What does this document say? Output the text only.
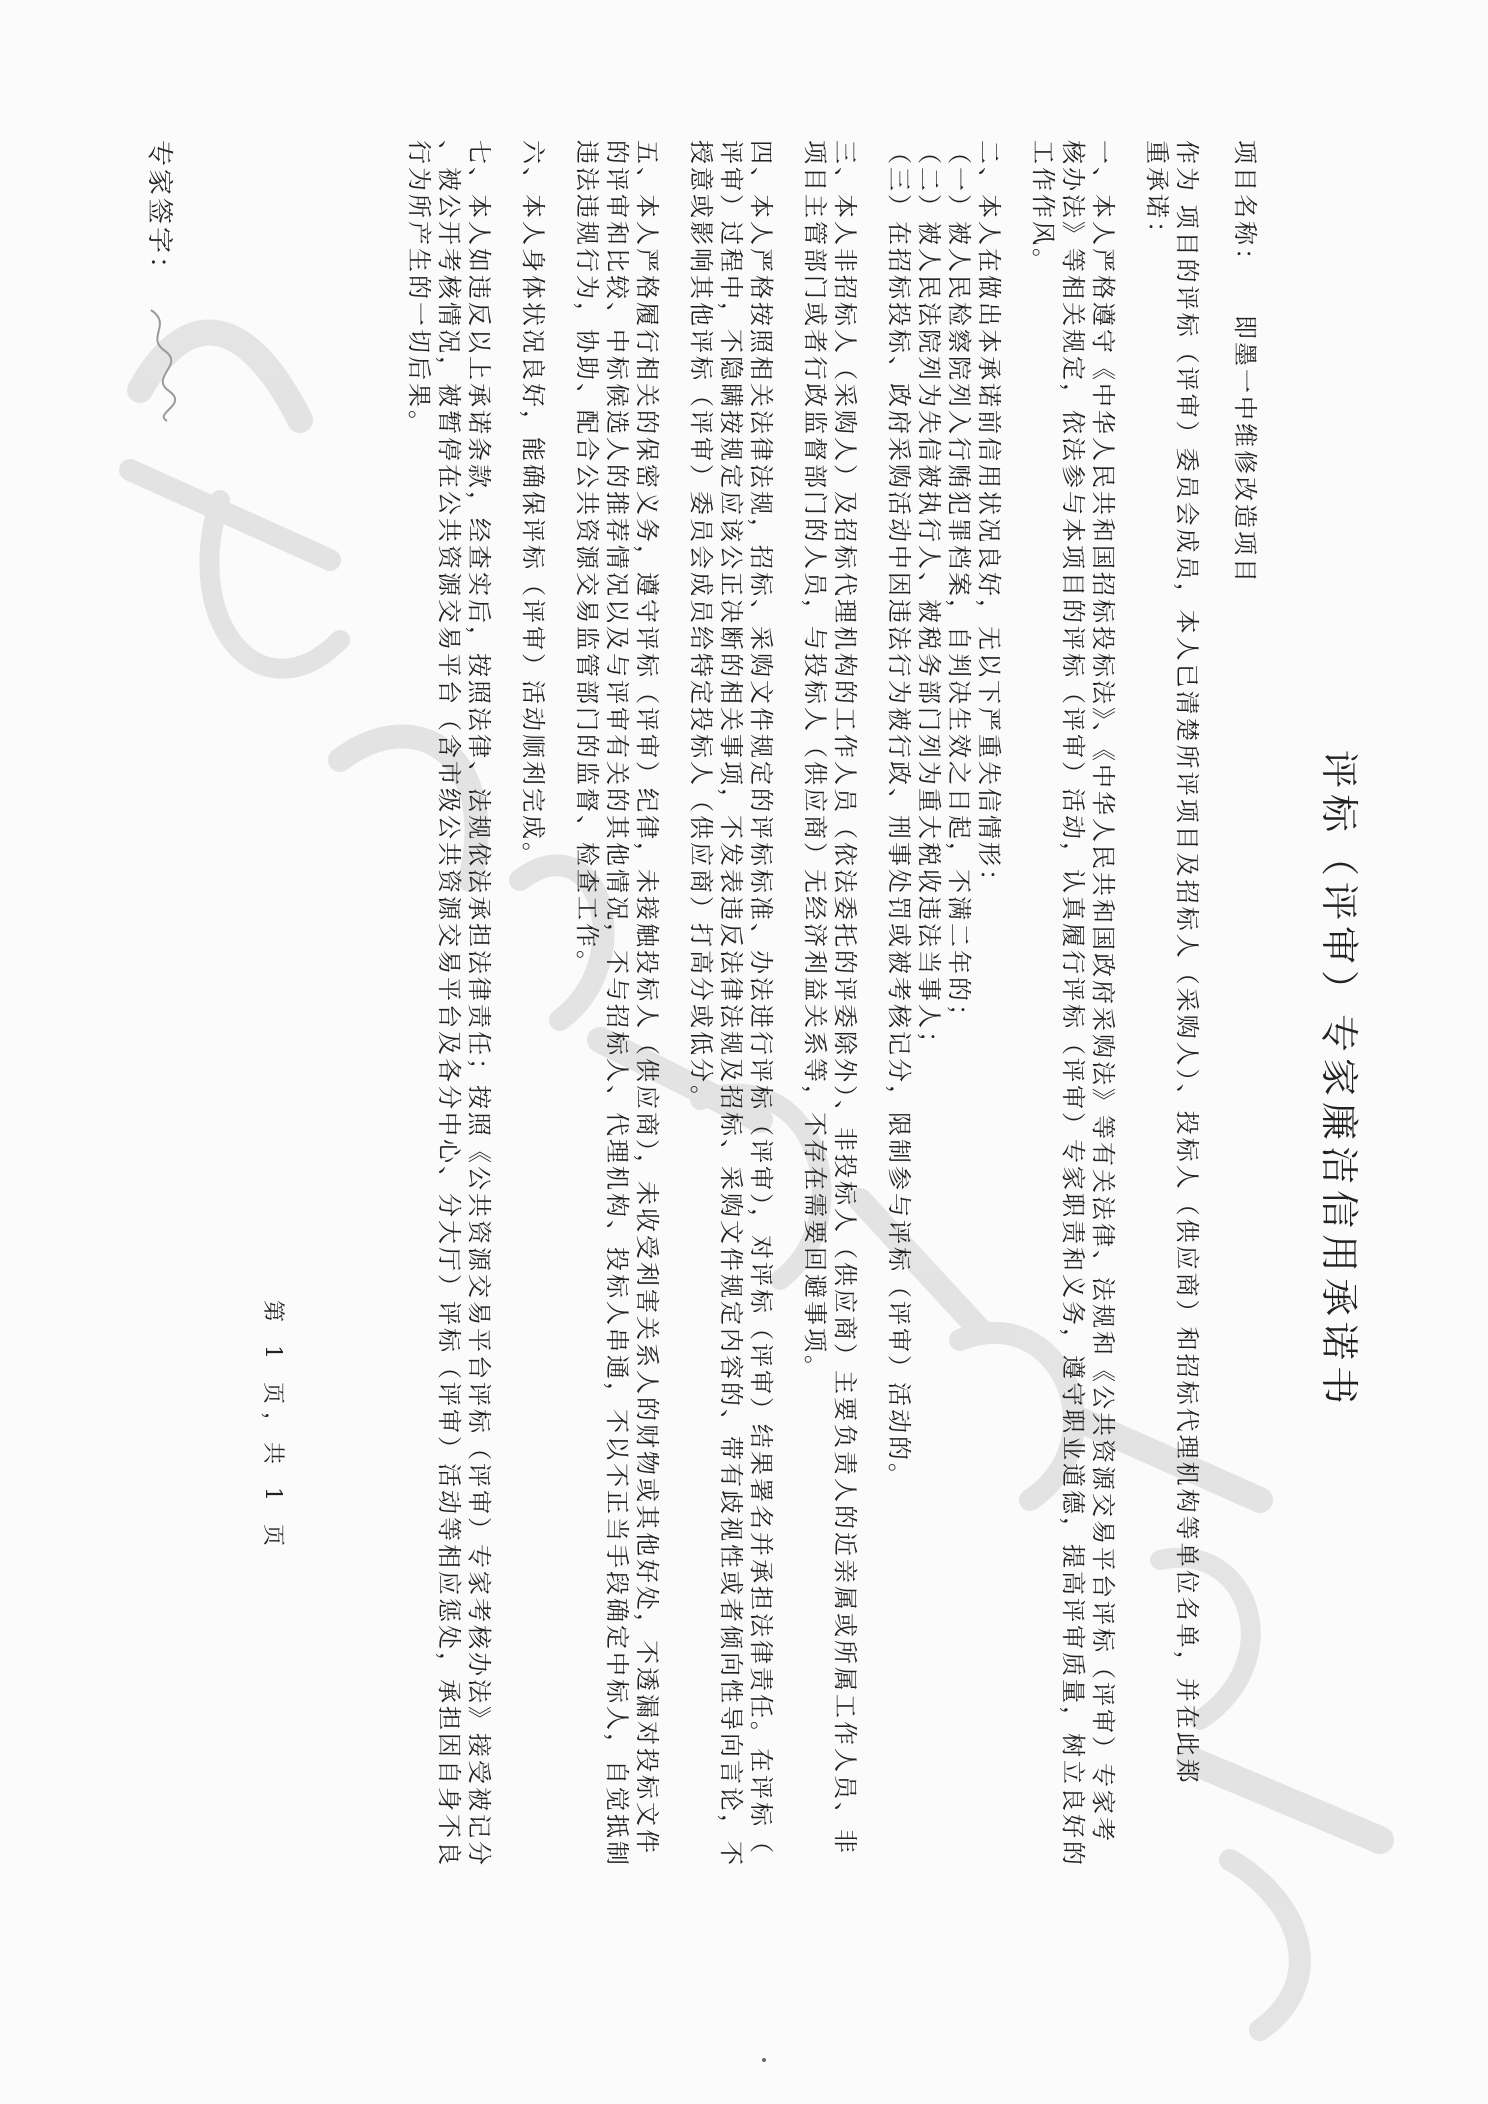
评标（评审）专家廉洁信用承诺书
项目名称：
即墨一中维修改造项目
作为 项目的评标（评审）委员会成员，本人已清楚所评项目及招标人（采购人）、投标人（供应商）和招标代理机构等单位名单，并在此郑
重承诺：
一、本人严格遵守《中华人民共和国招标投标法》、《中华人民共和国政府采购法》等有关法律、法规和《公共资源交易平台评标（评审）专家考
核办法》等相关规定，依法参与本项目的评标（评审）活动，认真履行评标（评审）专家职责和义务，遵守职业道德，提高评审质量，树立良好的
工作作风。
二、本人在做出本承诺前信用状况良好，无以下严重失信情形：
（一）被人民检察院列入行贿犯罪档案，自判决生效之日起，不满二年的；
（二）被人民法院列为失信被执行人、被税务部门列为重大税收违法当事人；
（三）在招标投标、政府采购活动中因违法行为被行政、刑事处罚或被考核记分，限制参与评标（评审）活动的。
三、本人非招标人（采购人）及招标代理机构的工作人员（依法委托的评委除外）、非投标人（供应商）主要负责人的近亲属或所属工作人员、非
项目主管部门或者行政监督部门的人员，与投标人（供应商）无经济利益关系等，不存在需要回避事项。
四、本人严格按照相关法律法规，招标、采购文件规定的评标标准、办法进行评标（评审），对评标（评审）结果署名并承担法律责任。在评标（
评审）过程中，不隐瞒按规定应该公正决断的相关事项，不发表违反法律法规及招标、采购文件规定内容的、带有歧视性或者倾向性导向言论，不
授意或影响其他评标（评审）委员会成员给特定投标人（供应商）打高分或低分。
五、本人严格履行相关的保密义务，遵守评标（评审）纪律，未接触投标人（供应商），未收受利害关系人的财物或其他好处，不透漏对投标文件
的评审和比较、中标候选人的推荐情况以及与评审有关的其他情况，不与招标人、代理机构、投标人串通，不以不正当手段确定中标人，自觉抵制
违法违规行为，协助、配合公共资源交易监管部门的监督、检查工作。
六、本人身体状况良好，能确保评标（评审）活动顺利完成。
七、本人如违反以上承诺条款，经查实后，按照法律、法规依法承担法律责任；按照《公共资源交易平台评标（评审）专家考核办法》接受被记分
、被公开考核情况，被暂停在公共资源交易平台（含市级公共资源交易平台及各分中心、分大厅）评标（评审）活动等相应惩处，承担因自身不良
行为所产生的一切后果。
第 1 页，共 1 页
专家签字：
